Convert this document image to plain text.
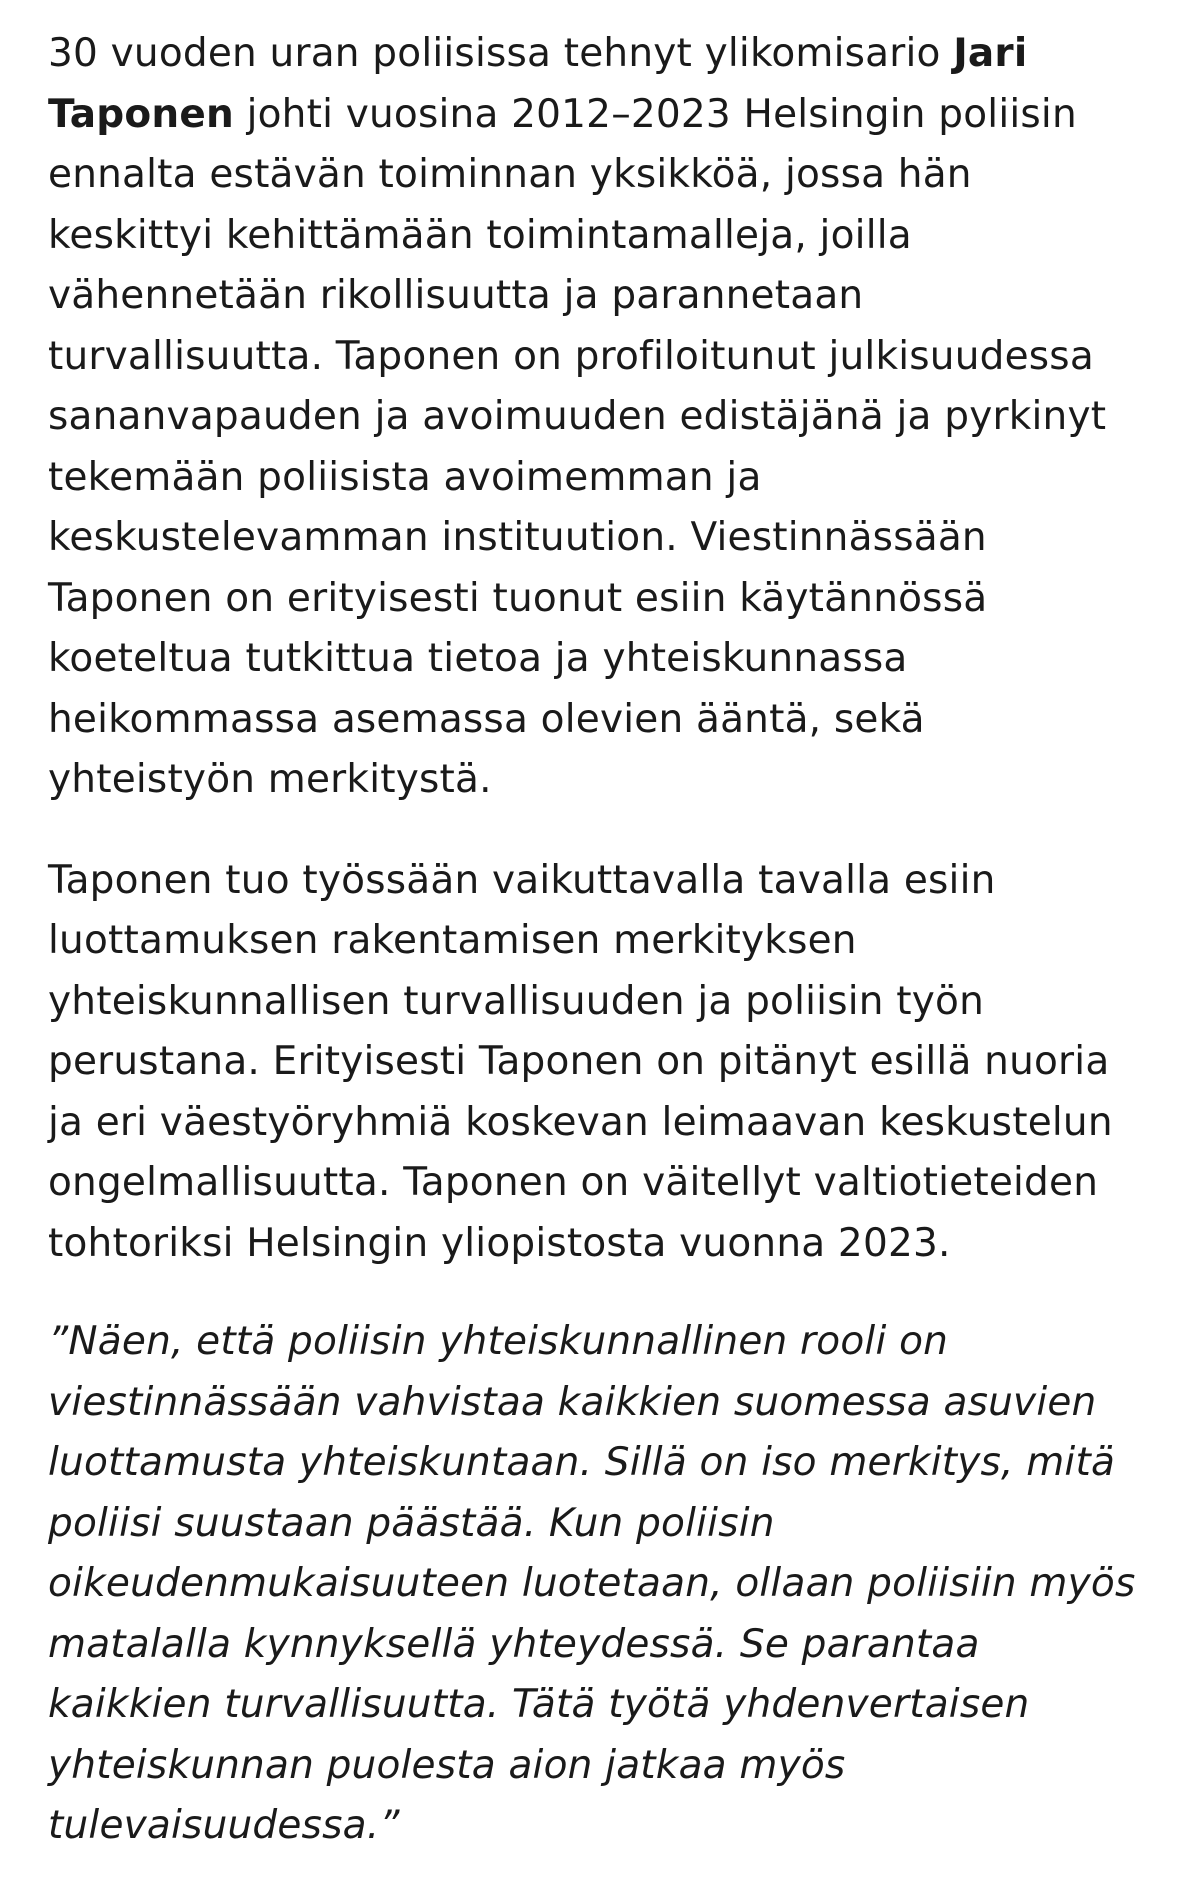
30 vuoden uran poliisissa tehnyt ylikomisario Jari Taponen johti vuosina 2012–2023 Helsingin poliisin ennalta estävän toiminnan yksikköä, jossa hän keskittyi kehittämään toimintamalleja, joilla vähennetään rikollisuutta ja parannetaan turvallisuutta. Taponen on profiloitunut julkisuudessa sananvapauden ja avoimuuden edistäjänä ja pyrkinyt tekemään poliisista avoimemman ja keskustelevamman instituution. Viestinnässään Taponen on erityisesti tuonut esiin käytännössä koeteltua tutkittua tietoa ja yhteiskunnassa heikommassa asemassa olevien ääntä, sekä yhteistyön merkitystä.

Taponen tuo työssään vaikuttavalla tavalla esiin luottamuksen rakentamisen merkityksen yhteiskunnallisen turvallisuuden ja poliisin työn perustana. Erityisesti Taponen on pitänyt esillä nuoria ja eri väestyöryhmiä koskevan leimaavan keskustelun ongelmallisuutta. Taponen on väitellyt valtiotieteiden tohtoriksi Helsingin yliopistosta vuonna 2023.

”Näen, että poliisin yhteiskunnallinen rooli on viestinnässään vahvistaa kaikkien suomessa asuvien luottamusta yhteiskuntaan. Sillä on iso merkitys, mitä poliisi suustaan päästää. Kun poliisin oikeudenmukaisuuteen luotetaan, ollaan poliisiin myös matalalla kynnyksellä yhteydessä. Se parantaa kaikkien turvallisuutta. Tätä työtä yhdenvertaisen yhteiskunnan puolesta aion jatkaa myös tulevaisuudessa.”
